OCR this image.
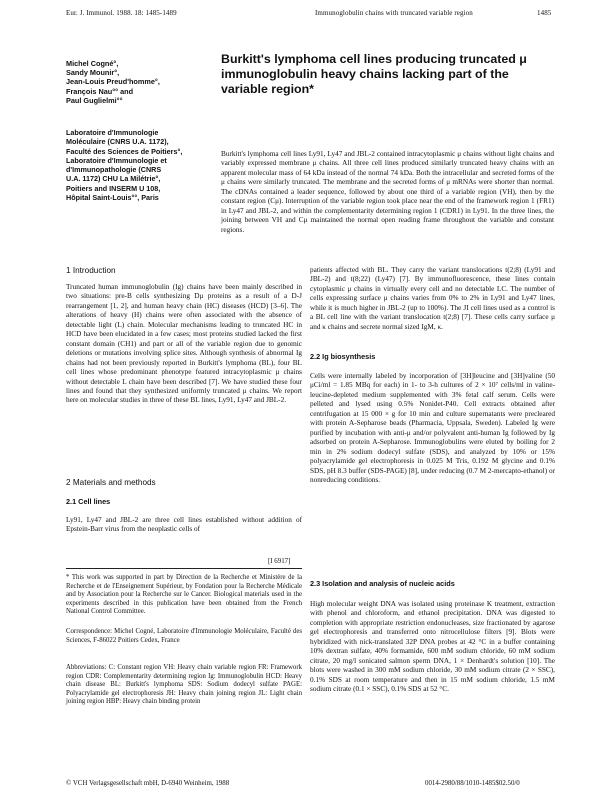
Eur. J. Immunol. 1988. 18: 1485-1489	Immunoglobulin chains with truncated variable region	1485
Burkitt's lymphoma cell lines producing truncated μ immunoglobulin heavy chains lacking part of the variable region*
Michel Cogné°,
Sandy Mounir°,
Jean-Louis Preud'homme°,
François Nau°° and
Paul Guglielmi°°
Laboratoire d'Immunologie
Moléculaire (CNRS U.A. 1172),
Faculté des Sciences de Poitiers°,
Laboratoire d'Immunologie et
d'Immunopathologie (CNRS
U.A. 1172) CHU La Milétrie°,
Poitiers and INSERM U 108,
Hôpital Saint-Louis°°, Paris

Burkitt's lymphoma cell lines Ly91, Ly47 and JBL-2 contained intracytoplasmic μ chains without light chains and variably expressed membrane μ chains. All three cell lines produced similarly truncated heavy chains with an apparent molecular mass of 64 kDa instead of the normal 74 kDa. Both the intracellular and secreted forms of the μ chains were similarly truncated. The membrane and the secreted forms of μ mRNAs were shorter than normal. The cDNAs contained a leader sequence, followed by about one third of a variable region (VH), then by the constant region (Cμ). Interruption of the variable region took place near the end of the framework region 1 (FR1) in Ly47 and JBL-2, and within the complementarity determining region 1 (CDR1) in Ly91. In the three lines, the joining between VH and Cμ maintained the normal open reading frame throughout the variable and constant regions.

1 Introduction

Truncated human immunoglobulin (Ig) chains have been mainly described in two situations: pre-B cells synthesizing Dμ proteins as a result of a D-J rearrangement [1, 2], and human heavy chain (HC) diseases (HCD) [3–6]. The alterations of heavy (H) chains were often associated with the absence of detectable light (L) chain. Molecular mechanisms leading to truncated HC in HCD have been elucidated in a few cases; most proteins studied lacked the first constant domain (CH1) and part or all of the variable region due to genomic deletions or mutations involving splice sites. Although synthesis of abnormal Ig chains had not been previously reported in Burkitt's lymphoma (BL), four BL cell lines whose predominant phenotype featured intracytoplasmic μ chains without detectable L chain have been described [7]. We have studied these four lines and found that they synthesized uniformly truncated μ chains. We report here on molecular studies in three of these BL lines, Ly91, Ly47 and JBL-2.

2 Materials and methods
2.1 Cell lines

Ly91, Ly47 and JBL-2 are three cell lines established without addition of Epstein-Barr virus from the neoplastic cells of

[I 6917]

* This work was supported in part by Direction de la Recherche et Ministère de la Recherche et de l'Enseignement Supérieur, by Fondation pour la Recherche Médicale and by Association pour la Recherche sur le Cancer. Biological materials used in the experiments described in this publication have been obtained from the French National Control Committee.

Correspondence: Michel Cogné, Laboratoire d'Immunologie Moléculaire, Faculté des Sciences, F-86022 Poitiers Cedex, France

Abbreviations: C: Constant region VH: Heavy chain variable region FR: Framework region CDR: Complementarity determining region Ig: Immunoglobulin HCD: Heavy chain disease BL: Burkitt's lymphoma SDS: Sodium dodecyl sulfate PAGE: Polyacrylamide gel electrophoresis JH: Heavy chain joining region JL: Light chain joining region HBP: Heavy chain binding protein

patients affected with BL. They carry the variant translocations t(2;8) (Ly91 and JBL-2) and t(8;22) (Ly47) [7]. By immunofluorescence, these lines contain cytoplasmic μ chains in virtually every cell and no detectable LC. The number of cells expressing surface μ chains varies from 0% to 2% in Ly91 and Ly47 lines, while it is much higher in JBL-2 (up to 100%). The JI cell lines used as a control is a BL cell line with the variant translocation t(2;8) [7]. These cells carry surface μ and κ chains and secrete normal sized IgM, κ.

2.2 Ig biosynthesis

Cells were internally labeled by incorporation of [3H]leucine and [3H]valine (50 μCi/ml = 1.85 MBq for each) in 1- to 3-h cultures of 2 × 10⁷ cells/ml in valine-leucine-depleted medium supplemented with 3% fetal calf serum. Cells were pelleted and lysed using 0.5% Nonidet-P40. Cell extracts obtained after centrifugation at 15 000 × g for 10 min and culture supernatants were precleared with protein A-Sepharose beads (Pharmacia, Uppsala, Sweden). Labeled Ig were purified by incubation with anti-μ and/or polyvalent anti-human Ig followed by Ig adsorbed on protein A-Sepharose. Immunoglobulins were eluted by boiling for 2 min in 2% sodium dodecyl sulfate (SDS), and analyzed by 10% or 15% polyacrylamide gel electrophoresis in 0.025 M Tris, 0.192 M glycine and 0.1% SDS, pH 8.3 buffer (SDS-PAGE) [8], under reducing (0.7 M 2-mercapto-ethanol) or nonreducing conditions.

2.3 Isolation and analysis of nucleic acids

High molecular weight DNA was isolated using proteinase K treatment, extraction with phenol and chloroform, and ethanol precipitation. DNA was digested to completion with appropriate restriction endonucleases, size fractionated by agarose gel electrophoresis and transferred onto nitrocellulose filters [9]. Blots were hybridized with nick-translated 32P DNA probes at 42 °C in a buffer containing 10% dextran sulfate, 40% formamide, 600 mM sodium chloride, 60 mM sodium citrate, 20 mg/l sonicated salmon sperm DNA, 1 × Denhardt's solution [10]. The blots were washed in 300 mM sodium chloride, 30 mM sodium citrate (2 × SSC), 0.1% SDS at room temperature and then in 15 mM sodium chloride, 1.5 mM sodium citrate (0.1 × SSC), 0.1% SDS at 52 °C.

© VCH Verlagsgesellschaft mbH, D-6940 Weinheim, 1988	0014-2980/88/1010-1485$02.50/0
